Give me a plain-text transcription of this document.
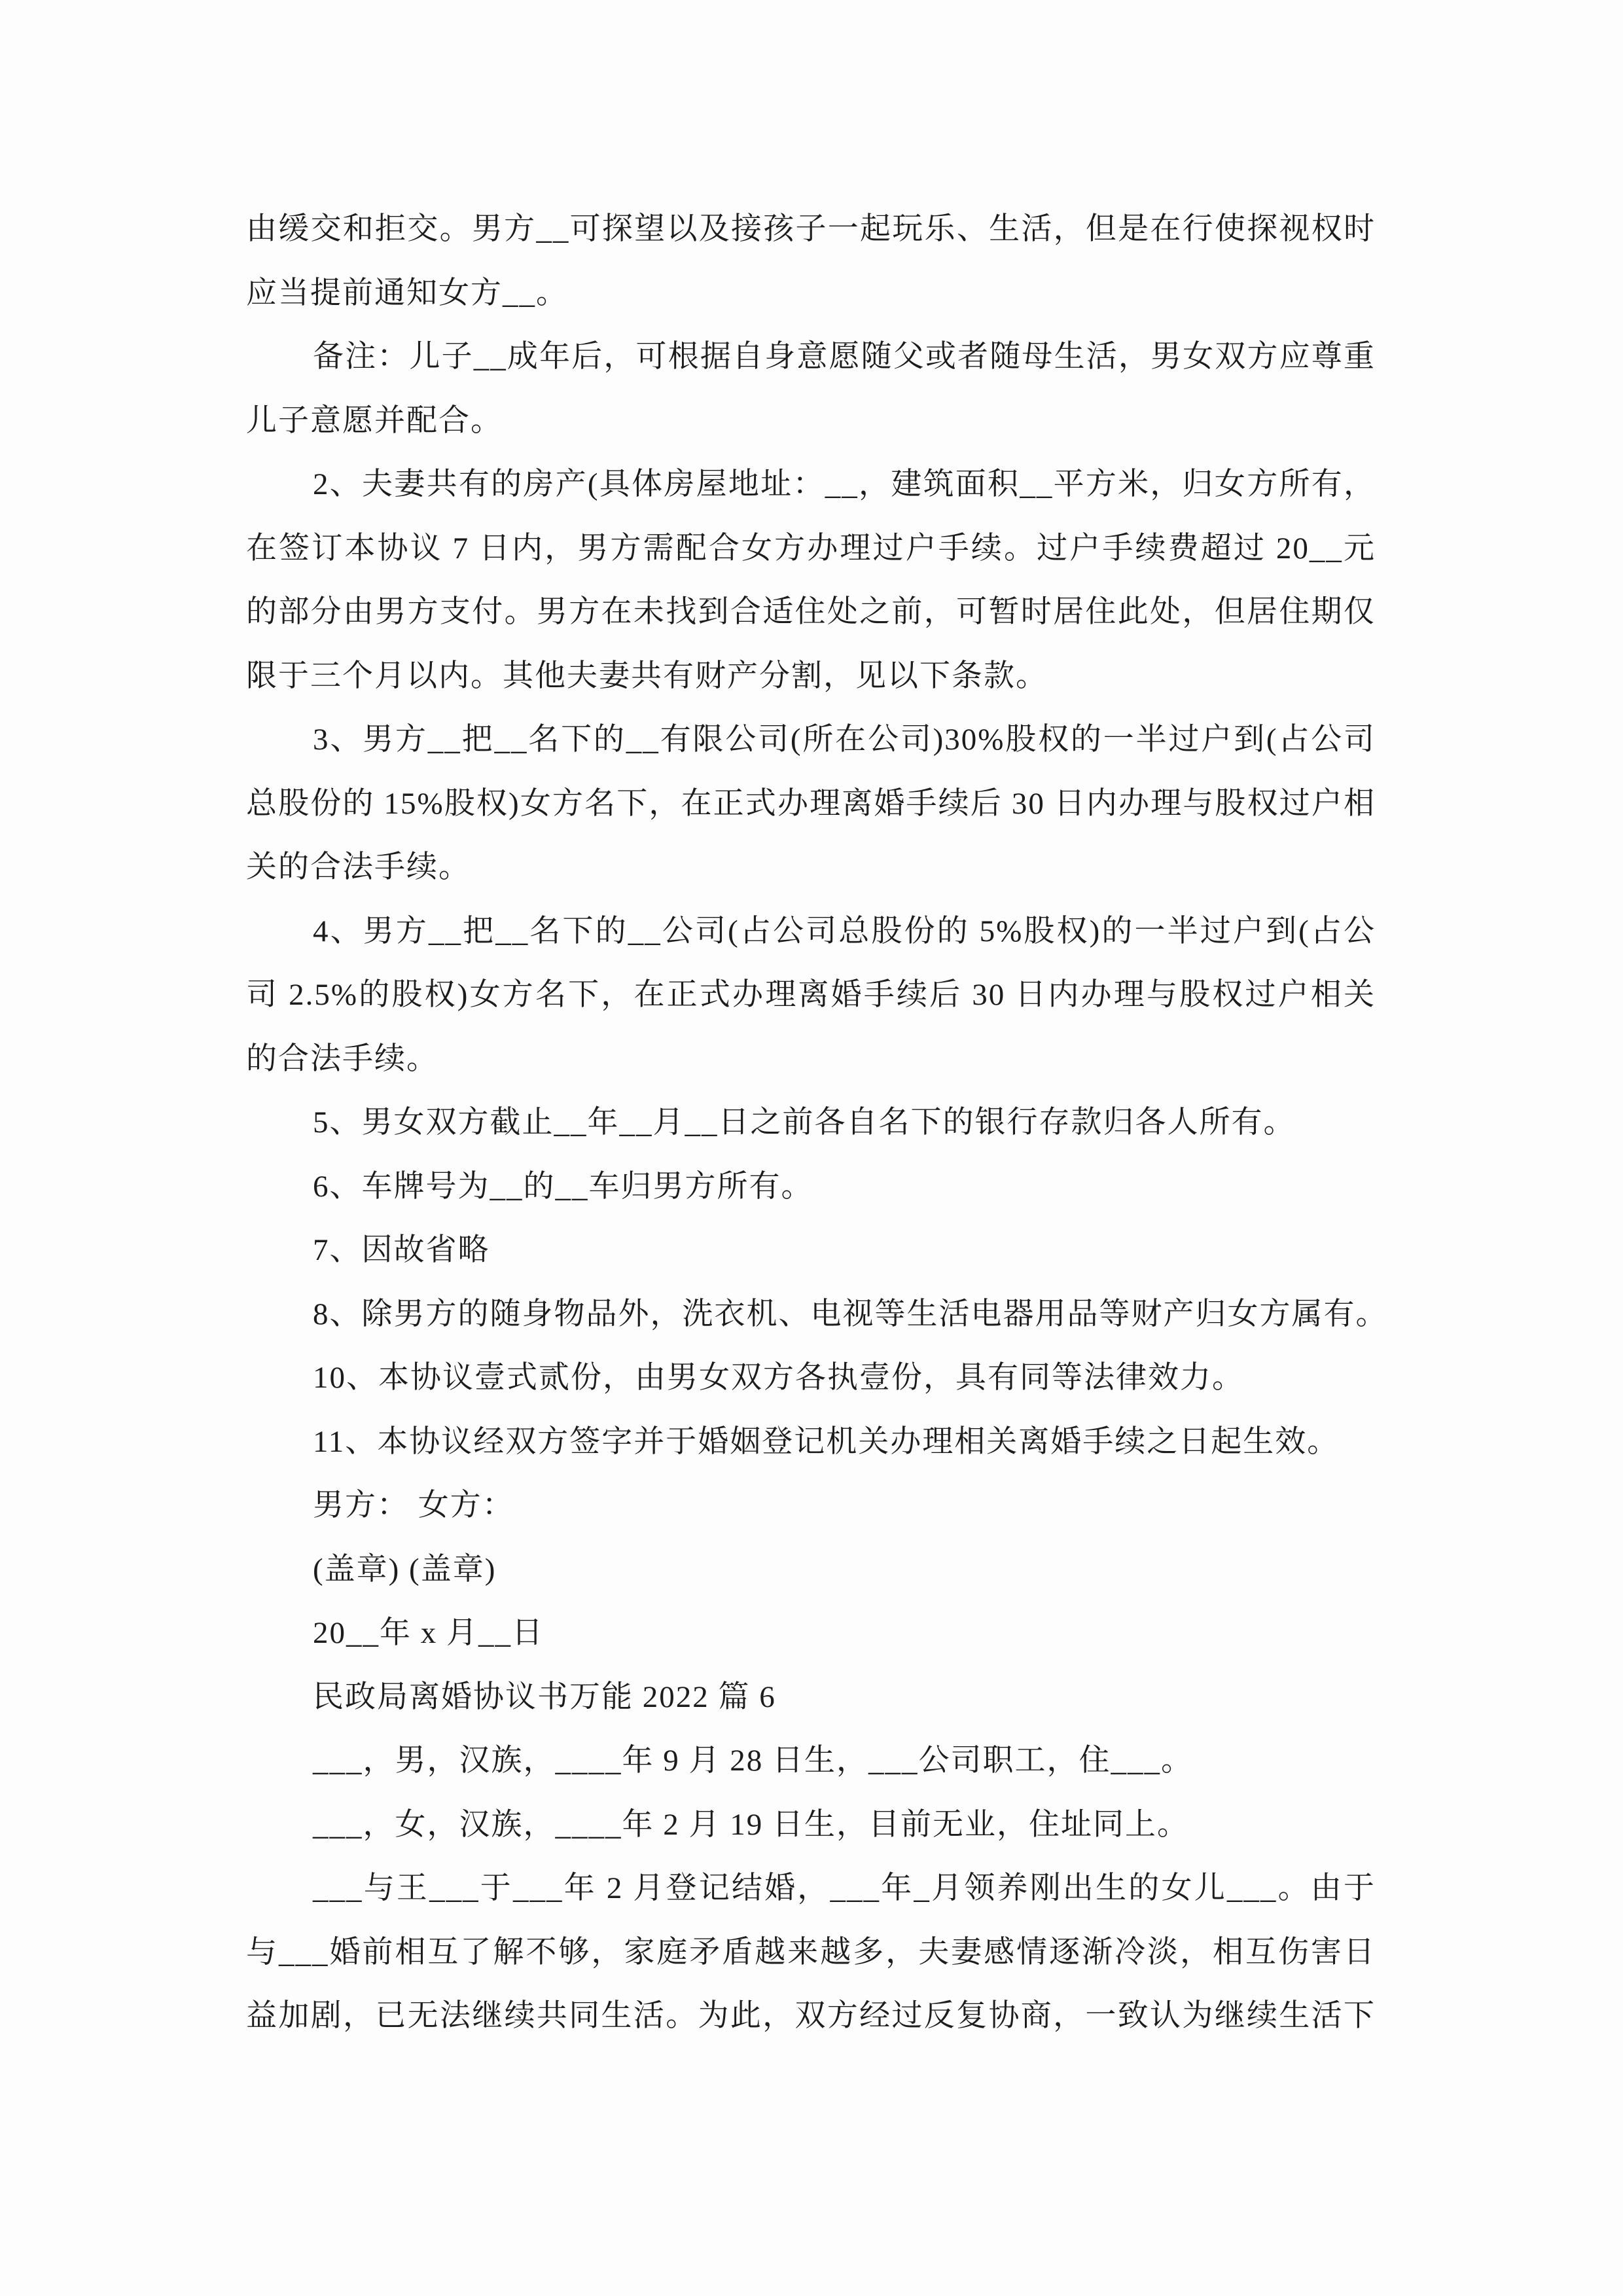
由缓交和拒交。男方__可探望以及接孩子一起玩乐、生活，但是在行使探视权时
应当提前通知女方__。
备注：儿子__成年后，可根据自身意愿随父或者随母生活，男女双方应尊重
儿子意愿并配合。
2、夫妻共有的房产(具体房屋地址：__，建筑面积__平方米，归女方所有，
在签订本协议 7 日内，男方需配合女方办理过户手续。过户手续费超过 20__元
的部分由男方支付。男方在未找到合适住处之前，可暂时居住此处，但居住期仅
限于三个月以内。其他夫妻共有财产分割，见以下条款。
3、男方__把__名下的__有限公司(所在公司)30%股权的一半过户到(占公司
总股份的 15%股权)女方名下，在正式办理离婚手续后 30 日内办理与股权过户相
关的合法手续。
4、男方__把__名下的__公司(占公司总股份的 5%股权)的一半过户到(占公
司 2.5%的股权)女方名下，在正式办理离婚手续后 30 日内办理与股权过户相关
的合法手续。
5、男女双方截止__年__月__日之前各自名下的银行存款归各人所有。
6、车牌号为__的__车归男方所有。
7、因故省略
8、除男方的随身物品外，洗衣机、电视等生活电器用品等财产归女方属有。
10、本协议壹式贰份，由男女双方各执壹份，具有同等法律效力。
11、本协议经双方签字并于婚姻登记机关办理相关离婚手续之日起生效。
男方： 女方：
(盖章) (盖章)
20__年 x 月__日
民政局离婚协议书万能 2022 篇 6
___，男，汉族，____年 9 月 28 日生，___公司职工，住___。
___，女，汉族，____年 2 月 19 日生，目前无业，住址同上。
___与王___于___年 2 月登记结婚，___年_月领养刚出生的女儿___。由于
与___婚前相互了解不够，家庭矛盾越来越多，夫妻感情逐渐冷淡，相互伤害日
益加剧，已无法继续共同生活。为此，双方经过反复协商，一致认为继续生活下
